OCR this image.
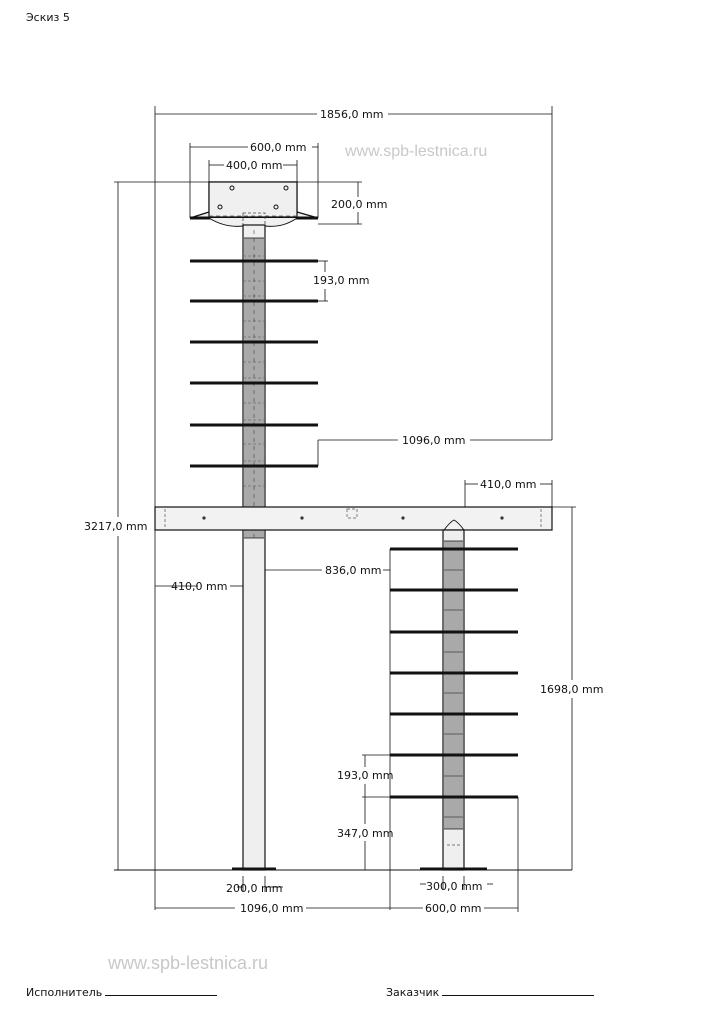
Эскиз 5
www.spb-lestnica.ru
www.spb-lestnica.ru
1856,0 mm
600,0 mm
400,0 mm
200,0 mm
193,0 mm
1096,0 mm
410,0 mm
3217,0 mm
410,0 mm
836,0 mm
1698,0 mm
193,0 mm
347,0 mm
200,0 mm	300,0 mm
1096,0 mm	600,0 mm
Исполнитель	Заказчик
